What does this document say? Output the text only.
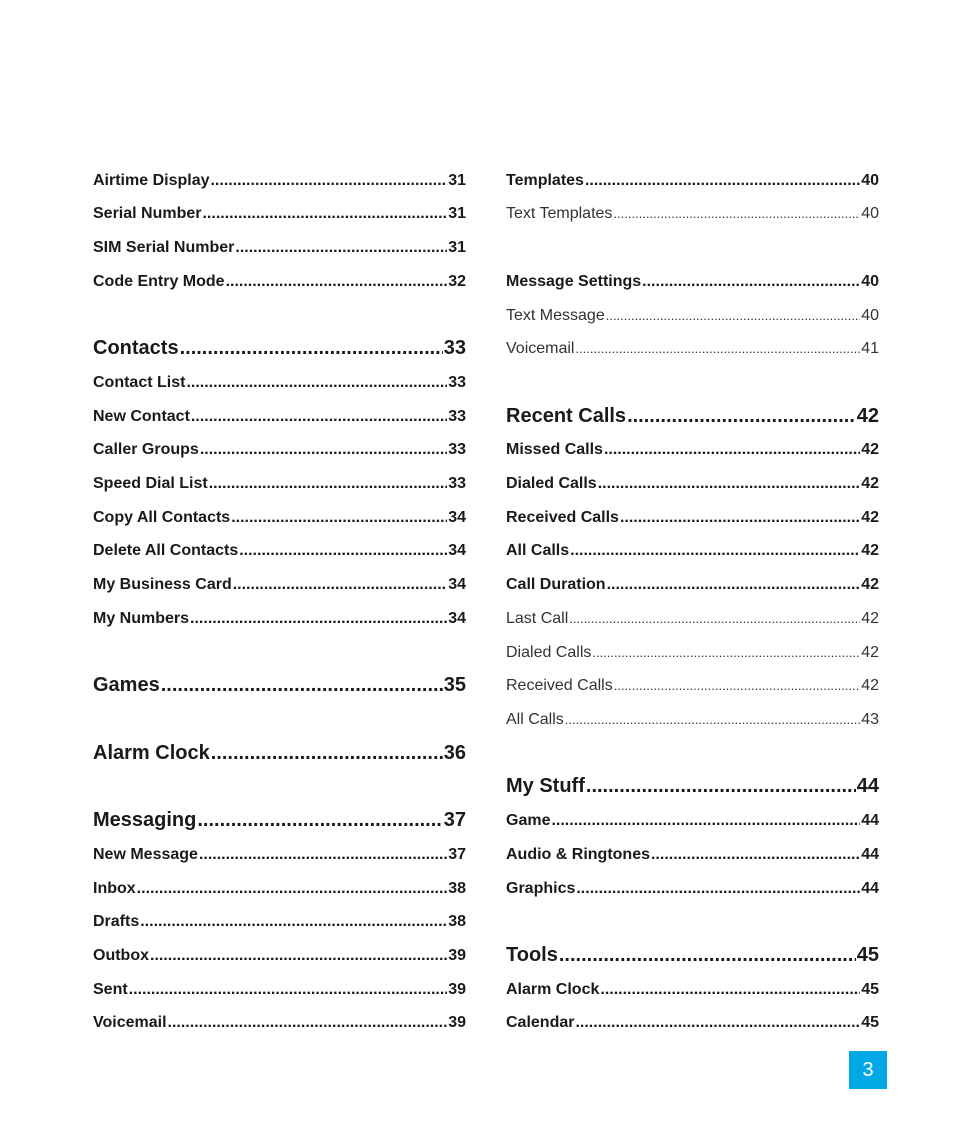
Airtime Display .....	31
Serial Number .....	31
SIM Serial Number .....	31
Code Entry Mode .....	32
Contacts .....	33
Contact List .....	33
New Contact .....	33
Caller Groups .....	33
Speed Dial List .....	33
Copy All Contacts .....	34
Delete All Contacts .....	34
My Business Card .....	34
My Numbers .....	34
Games .....	35
Alarm Clock .....	36
Messaging .....	37
New Message .....	37
Inbox .....	38
Drafts .....	38
Outbox .....	39
Sent .....	39
Voicemail .....	39
Templates .....	40
Text Templates .....	40
Message Settings .....	40
Text Message .....	40
Voicemail .....	41
Recent Calls .....	42
Missed Calls .....	42
Dialed Calls .....	42
Received Calls .....	42
All Calls .....	42
Call Duration .....	42
Last Call .....	42
Dialed Calls .....	42
Received Calls .....	42
All Calls .....	43
My Stuff .....	44
Game .....	44
Audio & Ringtones .....	44
Graphics .....	44
Tools .....	45
Alarm Clock .....	45
Calendar .....	45
3
